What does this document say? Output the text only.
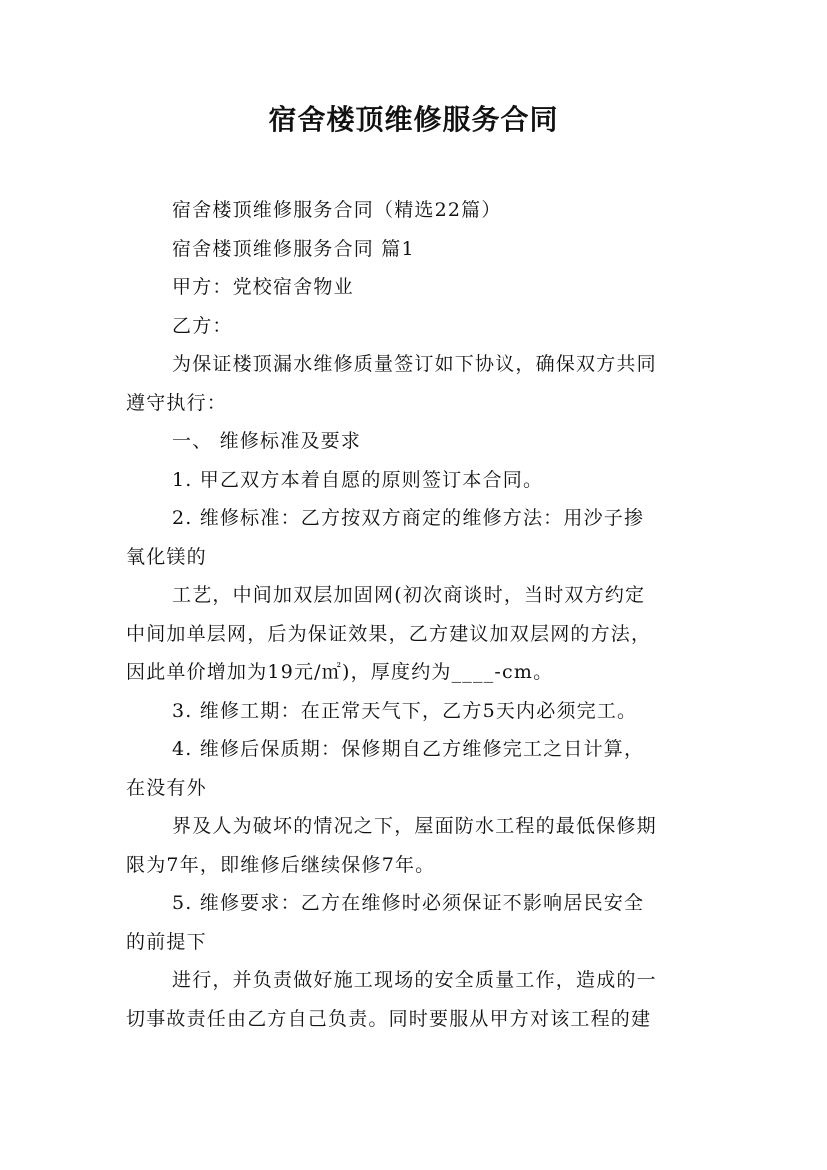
宿舍楼顶维修服务合同

宿舍楼顶维修服务合同（精选22篇）

宿舍楼顶维修服务合同 篇1

甲方：党校宿舍物业

乙方：

为保证楼顶漏水维修质量签订如下协议，确保双方共同

遵守执行：

一、 维修标准及要求

1. 甲乙双方本着自愿的原则签订本合同。

2. 维修标准：乙方按双方商定的维修方法：用沙子掺

氧化镁的

工艺，中间加双层加固网(初次商谈时，当时双方约定

中间加单层网，后为保证效果，乙方建议加双层网的方法，
因此单价增加为19元/㎡)，厚度约为____-cm。

3. 维修工期：在正常天气下，乙方5天内必须完工。

4. 维修后保质期：保修期自乙方维修完工之日计算，

在没有外

界及人为破坏的情况之下，屋面防水工程的最低保修期

限为7年，即维修后继续保修7年。

5. 维修要求：乙方在维修时必须保证不影响居民安全

的前提下

进行，并负责做好施工现场的安全质量工作，造成的一

切事故责任由乙方自己负责。同时要服从甲方对该工程的建
